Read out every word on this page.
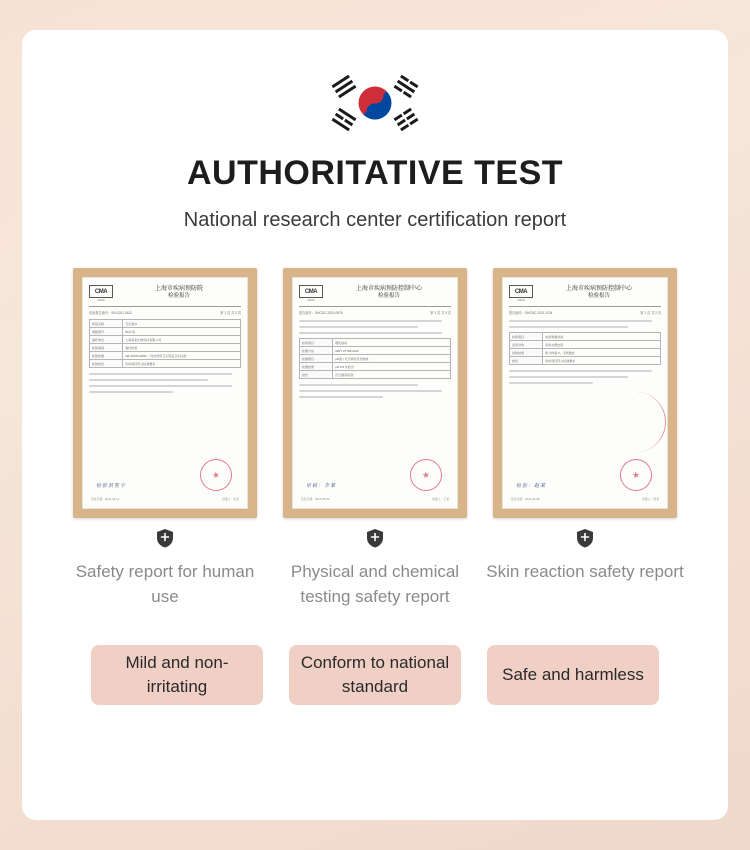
AUTHORITATIVE TEST
National research center certification report
CMA
CNAS
上海市疾病预防院
检验报告
检验报告编号：SH-2021-0412	第 1 页 共 2 页
样品名称	卫生湿巾
规格型号	80片/包
委托单位	上海某某生物科技有限公司
检验类别	委托检验
检验依据	GB 15979-2002 一次性使用卫生用品卫生标准
检验结论	所检项目符合标准要求
检验员签字
★
签发日期：2021-04-12	批准人：张某
Safety report for human use
CMA
CNAS
上海市疾病预防控制中心
检验报告
报告编号：SHCDC-2021-0876	第 1 页 共 3 页
检验项目	理化指标
检测方法	GB/T 27728-2011
检测项目	pH值 / 可迁移性荧光物质
检测结果	pH 5.8 未检出
结论	符合国家标准
审核：李某
★
签发日期：2021-05-20	批准人：王某
Physical and chemical testing safety report
CMA
CNAS
上海市疾病预防控制中心
检验报告
报告编号：SHCDC-2021-1134	第 1 页 共 2 页
检验项目	皮肤刺激试验
受试对象	家兔完整皮肤
试验结果	积分均值 0，无刺激性
结论	所检项目符合标准要求
检验：赵某
★
签发日期：2021-06-08	批准人：周某
Skin reaction safety report
Mild and non-irritating
Conform to national standard
Safe and harmless
